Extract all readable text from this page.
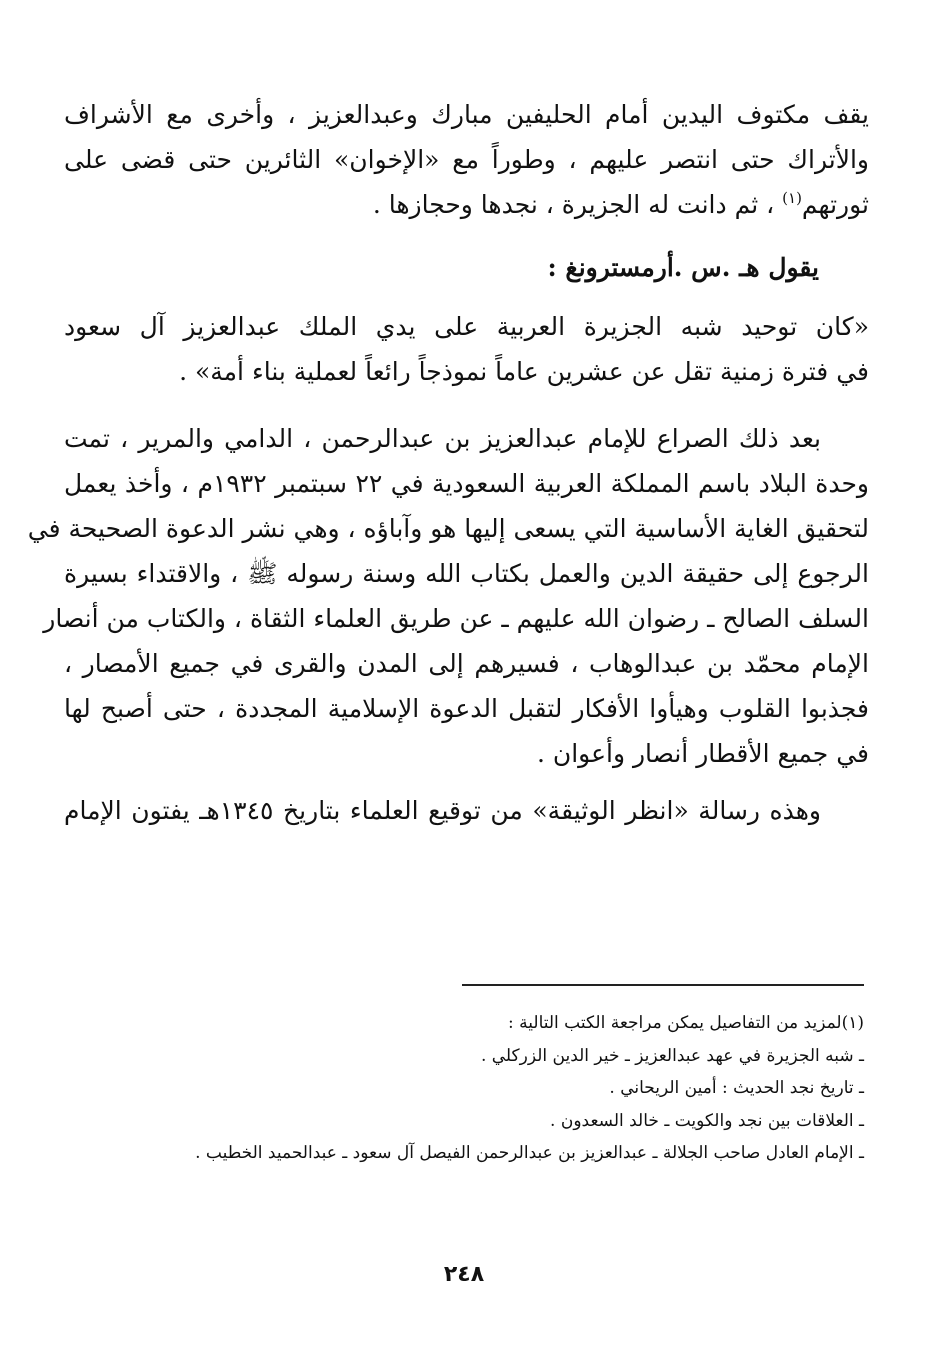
يقف مكتوف اليدين أمام الحليفين مبارك وعبدالعزيز ، وأخرى مع الأشراف
والأتراك حتى انتصر عليهم ، وطوراً مع «الإخوان» الثائرين حتى قضى على
ثورتهم$^{(١)}$ ، ثم دانت له الجزيرة ، نجدها وحجازها .

يقول هـ .س .أرمسترونغ :

«كان توحيد شبه الجزيرة العربية على يدي الملك عبدالعزيز آل سعود
في فترة زمنية تقل عن عشرين عاماً نموذجاً رائعاً لعملية بناء أمة» .

بعد ذلك الصراع للإمام عبدالعزيز بن عبدالرحمن ، الدامي والمرير ، تمت
وحدة البلاد باسم المملكة العربية السعودية في ٢٢ سبتمبر ١٩٣٢م ، وأخذ يعمل
لتحقيق الغاية الأساسية التي يسعى إليها هو وآباؤه ، وهي نشر الدعوة الصحيحة في
الرجوع إلى حقيقة الدين والعمل بكتاب الله وسنة رسوله ﷺ ، والاقتداء بسيرة
السلف الصالح ـ رضوان الله عليهم ـ عن طريق العلماء الثقاة ، والكتاب من أنصار
الإمام محمّد بن عبدالوهاب ، فسيرهم إلى المدن والقرى في جميع الأمصار ،
فجذبوا القلوب وهيأوا الأفكار لتقبل الدعوة الإسلامية المجددة ، حتى أصبح لها
في جميع الأقطار أنصار وأعوان .

وهذه رسالة «انظر الوثيقة» من توقيع العلماء بتاريخ ١٣٤٥هـ يفتون الإمام

(١)لمزيد من التفاصيل يمكن مراجعة الكتب التالية :
ـ شبه الجزيرة في عهد عبدالعزيز ـ خير الدين الزركلي .
ـ تاريخ نجد الحديث : أمين الريحاني .
ـ العلاقات بين نجد والكويت ـ خالد السعدون .
ـ الإمام العادل صاحب الجلالة ـ عبدالعزيز بن عبدالرحمن الفيصل آل سعود ـ عبدالحميد الخطيب .
٢٤٨
